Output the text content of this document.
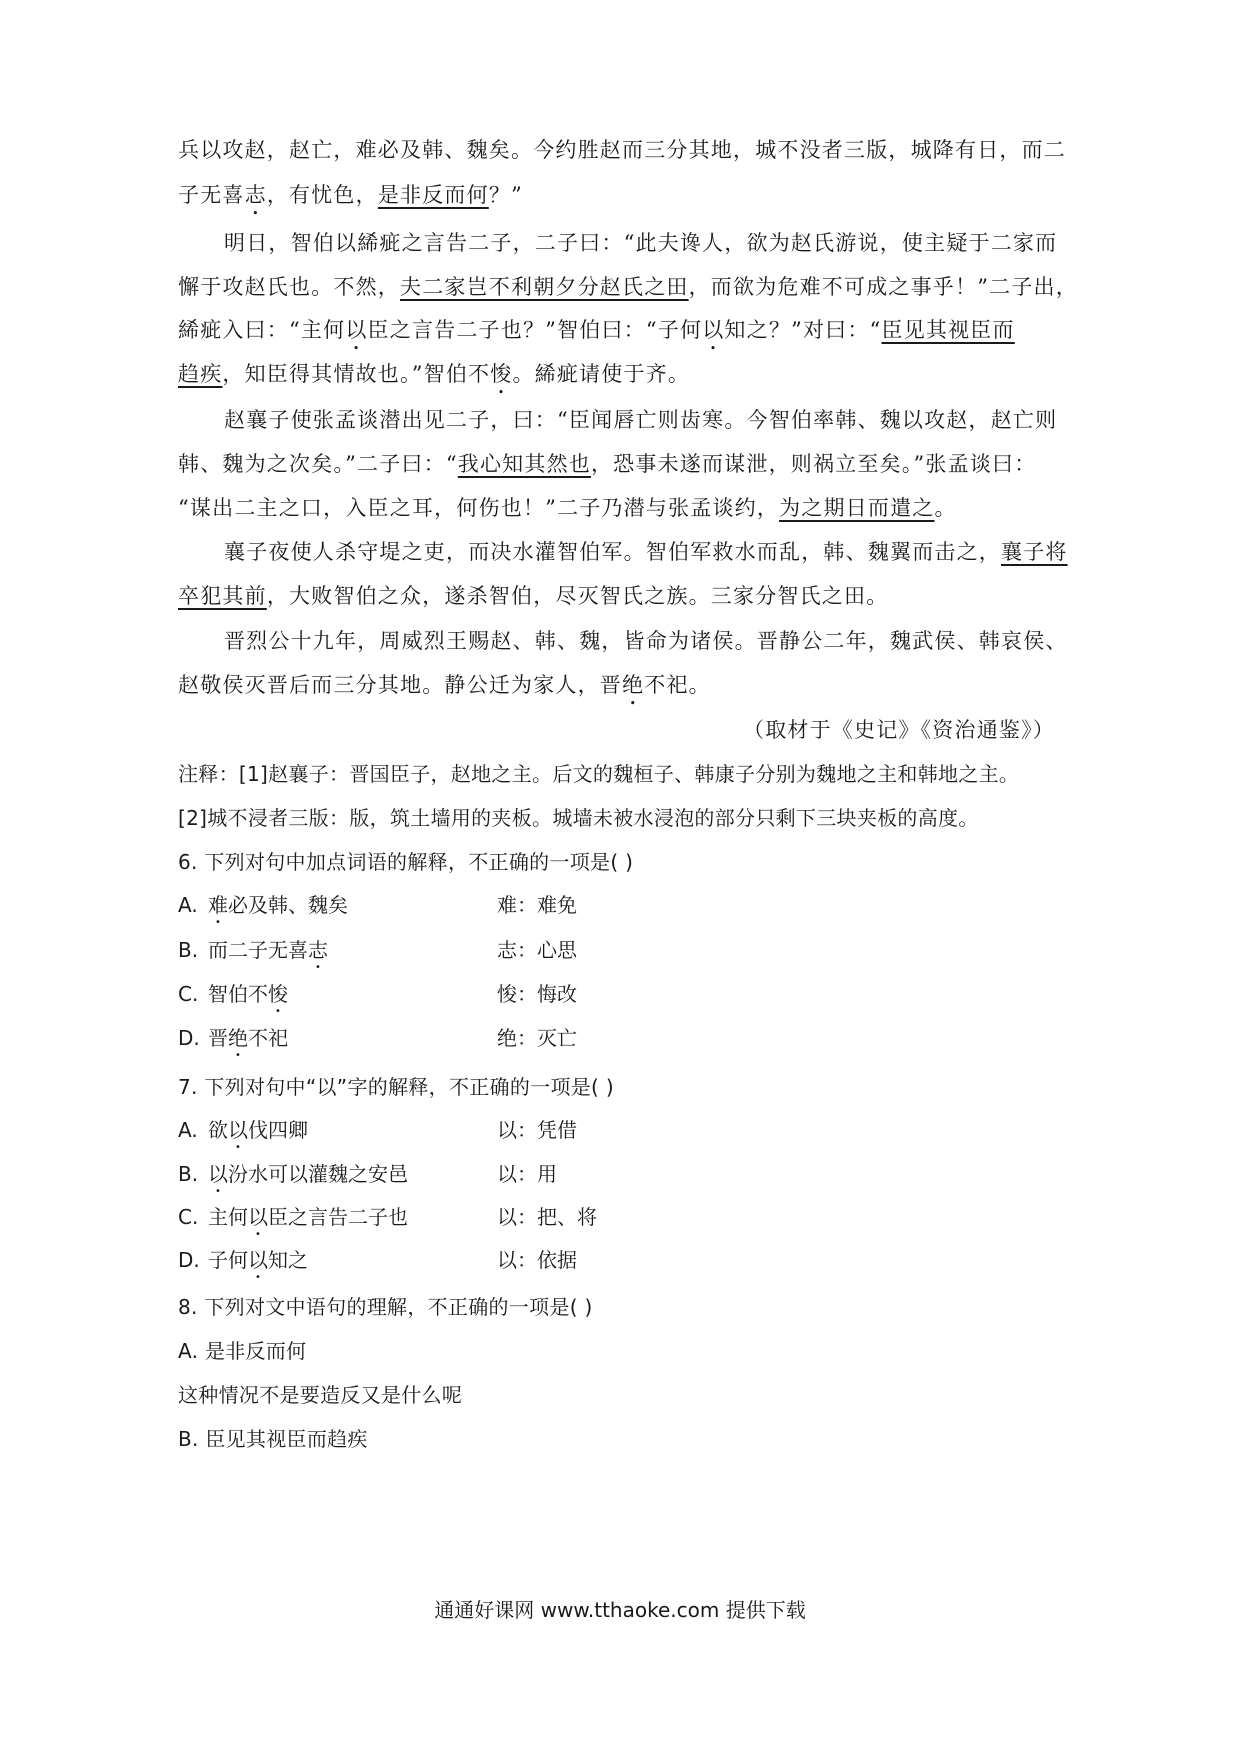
兵以攻赵，赵亡，难必及韩、魏矣。今约胜赵而三分其地，城不没者三版，城降有日，而二
子无喜志，有忧色，是非反而何？”
明日，智伯以絺疵之言告二子，二子曰：“此夫谗人，欲为赵氏游说，使主疑于二家而
懈于攻赵氏也。不然，夫二家岂不利朝夕分赵氏之田，而欲为危难不可成之事乎！”二子出，
絺疵入曰：“主何以臣之言告二子也？”智伯曰：“子何以知之？”对曰：“臣见其视臣而
趋疾，知臣得其情故也。”智伯不悛。絺疵请使于齐。
赵襄子使张孟谈潜出见二子，曰：“臣闻唇亡则齿寒。今智伯率韩、魏以攻赵，赵亡则
韩、魏为之次矣。”二子曰：“我心知其然也，恐事未遂而谋泄，则祸立至矣。”张孟谈曰：
“谋出二主之口，入臣之耳，何伤也！”二子乃潜与张孟谈约，为之期日而遣之。
襄子夜使人杀守堤之吏，而决水灌智伯军。智伯军救水而乱，韩、魏翼而击之，襄子将
卒犯其前，大败智伯之众，遂杀智伯，尽灭智氏之族。三家分智氏之田。
晋烈公十九年，周威烈王赐赵、韩、魏，皆命为诸侯。晋静公二年，魏武侯、韩哀侯、
赵敬侯灭晋后而三分其地。静公迁为家人，晋绝不祀。
（取材于《史记》《资治通鉴》）
注释：[1]赵襄子：晋国臣子，赵地之主。后文的魏桓子、韩康子分别为魏地之主和韩地之主。
[2]城不浸者三版：版，筑土墙用的夹板。城墙未被水浸泡的部分只剩下三块夹板的高度。
6. 下列对句中加点词语的解释，不正确的一项是( )
A. 难必及韩、魏矣	难：难免
B. 而二子无喜志	志：心思
C. 智伯不悛	悛：悔改
D. 晋绝不祀	绝：灭亡
7. 下列对句中“以”字的解释，不正确的一项是( )
A. 欲以伐四卿	以：凭借
B. 以汾水可以灌魏之安邑	以：用
C. 主何以臣之言告二子也	以：把、将
D. 子何以知之	以：依据
8. 下列对文中语句的理解，不正确的一项是( )
A. 是非反而何
这种情况不是要造反又是什么呢
B. 臣见其视臣而趋疾
通通好课网 www.tthaoke.com 提供下载
